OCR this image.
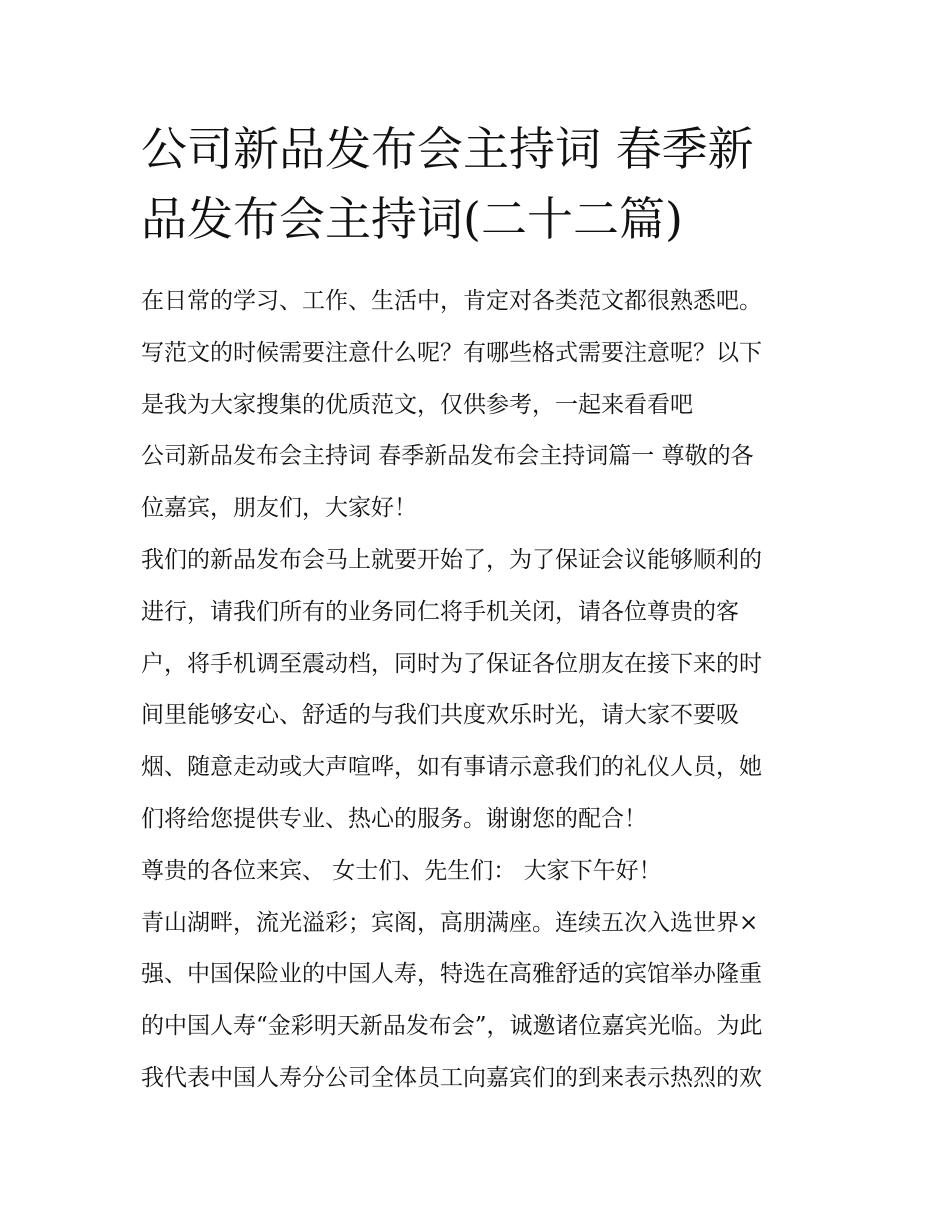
公司新品发布会主持词 春季新
品发布会主持词(二十二篇)
在日常的学习、工作、生活中，肯定对各类范文都很熟悉吧。
写范文的时候需要注意什么呢？有哪些格式需要注意呢？以下
是我为大家搜集的优质范文，仅供参考，一起来看看吧
公司新品发布会主持词 春季新品发布会主持词篇一 尊敬的各
位嘉宾，朋友们，大家好！
我们的新品发布会马上就要开始了，为了保证会议能够顺利的
进行，请我们所有的业务同仁将手机关闭，请各位尊贵的客
户，将手机调至震动档，同时为了保证各位朋友在接下来的时
间里能够安心、舒适的与我们共度欢乐时光，请大家不要吸
烟、随意走动或大声喧哗，如有事请示意我们的礼仪人员，她
们将给您提供专业、热心的服务。谢谢您的配合！
尊贵的各位来宾、 女士们、先生们： 大家下午好！
青山湖畔，流光溢彩；宾阁，高朋满座。连续五次入选世界×
强、中国保险业的中国人寿，特选在高雅舒适的宾馆举办隆重
的中国人寿“金彩明天新品发布会”，诚邀诸位嘉宾光临。为此
我代表中国人寿分公司全体员工向嘉宾们的到来表示热烈的欢
